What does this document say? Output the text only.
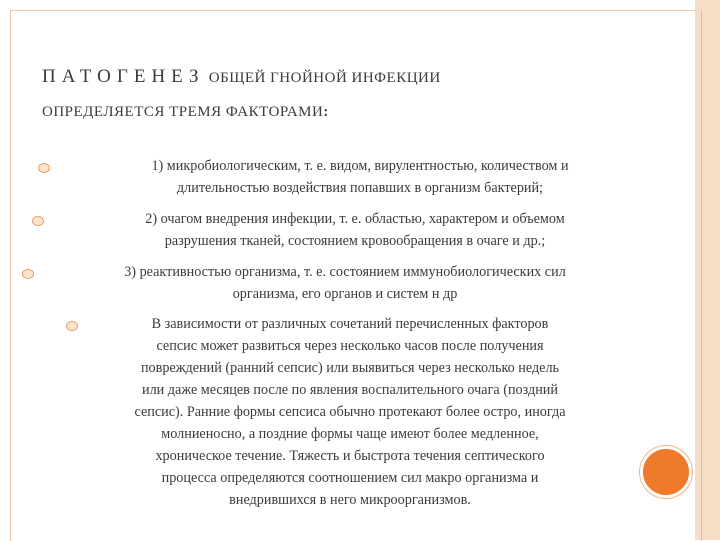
ПАТОГЕНЕЗ ОБЩЕЙ ГНОЙНОЙ ИНФЕКЦИИ
ОПРЕДЕЛЯЕТСЯ ТРЕМЯ ФАКТОРАМИ:
1) микробиологическим, т. е. видом, вирулентностью, количеством и
длительностью воздействия попавших в организм бактерий;
2) очагом внедрения инфекции, т. е. областью, характером и объемом
разрушения тканей, состоянием кровообращения в очаге и др.;
3) реактивностью организма, т. е. состоянием иммунобиологических сил
организма, его органов и систем н др
В зависимости от различных сочетаний перечисленных факторов
сепсис может развиться через несколько часов после получения
повреждений (ранний сепсис) или выявиться через несколько недель
или даже месяцев после по явления воспалительного очага (поздний
сепсис). Ранние формы сепсиса обычно протекают более остро, иногда
молниеносно, а поздние формы чаще имеют более медленное,
хроническое течение. Тяжесть и быстрота течения септического
процесса определяются соотношением сил макро организма и
внедрившихся в него микроорганизмов.
